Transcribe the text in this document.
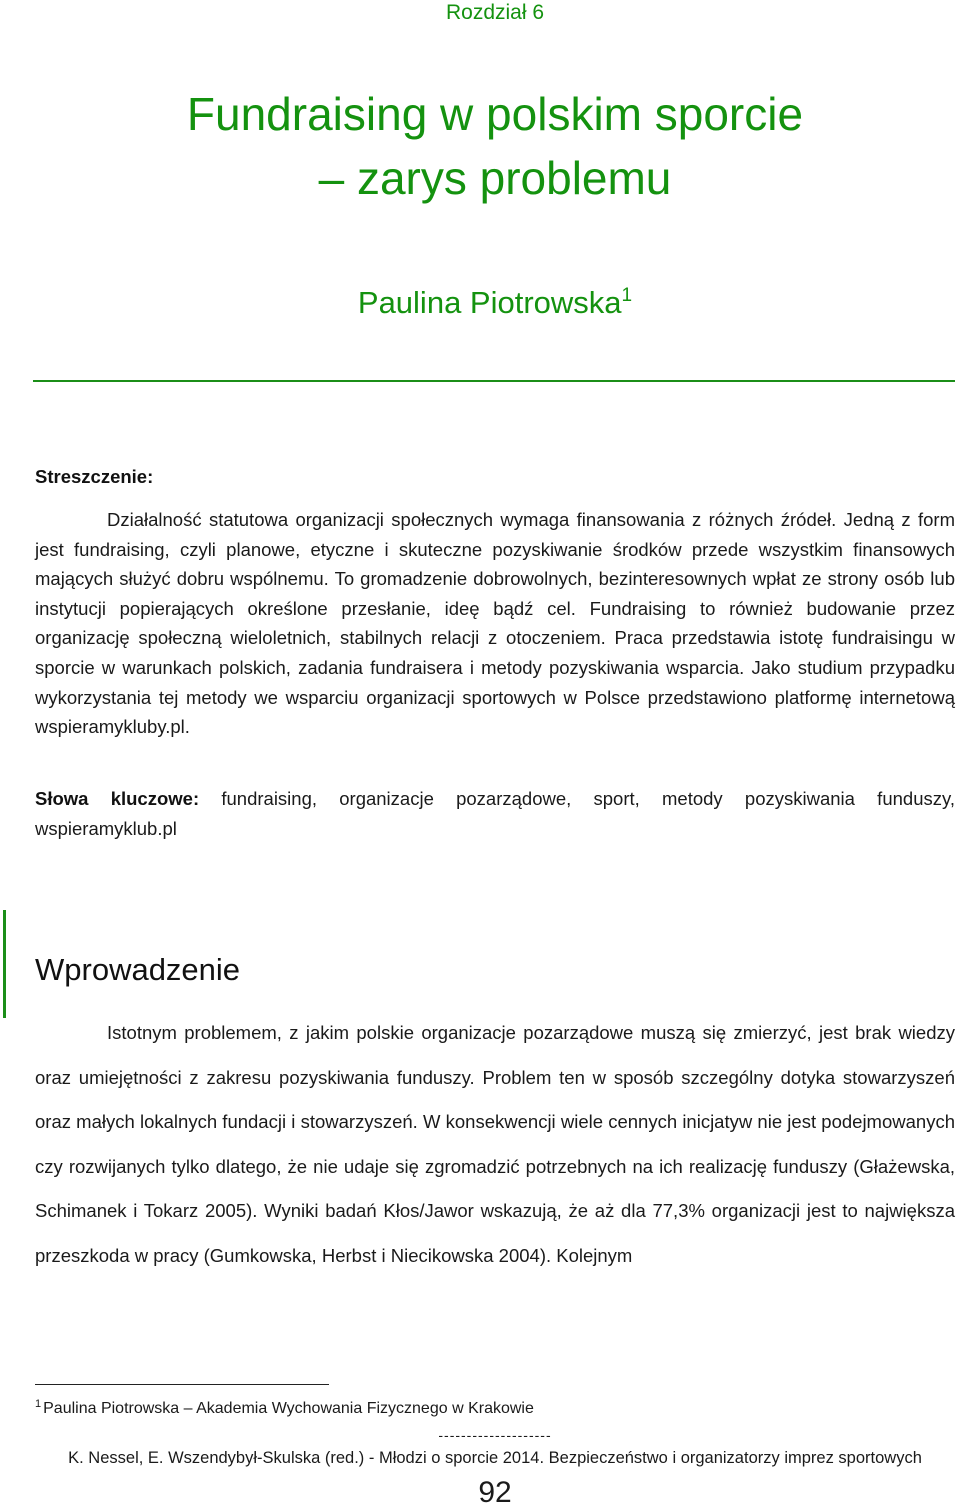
Rozdział 6
Fundraising w polskim sporcie
– zarys problemu
Paulina Piotrowska$^1$
Streszczenie:

Działalność statutowa organizacji społecznych wymaga finansowania z różnych źródeł. Jedną z form jest fundraising, czyli planowe, etyczne i skuteczne pozyskiwanie środków przede wszystkim finansowych mających służyć dobru wspólnemu. To gromadzenie dobrowolnych, bezinteresownych wpłat ze strony osób lub instytucji popierających określone przesłanie, ideę bądź cel. Fundraising to również budowanie przez organizację społeczną wieloletnich, stabilnych relacji z otoczeniem. Praca przedstawia istotę fundraisingu w sporcie w warunkach polskich, zadania fundraisera i metody pozyskiwania wsparcia. Jako studium przypadku wykorzystania tej metody we wsparciu organizacji sportowych w Polsce przedstawiono platformę internetową wspieramykluby.pl.

Słowa kluczowe: fundraising, organizacje pozarządowe, sport, metody pozyskiwania funduszy, wspieramyklub.pl
Wprowadzenie

Istotnym problemem, z jakim polskie organizacje pozarządowe muszą się zmierzyć, jest brak wiedzy oraz umiejętności z zakresu pozyskiwania funduszy. Problem ten w sposób szczególny dotyka stowarzyszeń oraz małych lokalnych fundacji i stowarzyszeń. W konsekwencji wiele cennych inicjatyw nie jest podejmowanych czy rozwijanych tylko dlatego, że nie udaje się zgromadzić potrzebnych na ich realizację funduszy (Głażewska, Schimanek i Tokarz 2005). Wyniki badań Kłos/Jawor wskazują, że aż dla 77,3% organizacji jest to największa przeszkoda w pracy (Gumkowska, Herbst i Niecikowska 2004). Kolejnym

$^1$ Paulina Piotrowska – Akademia Wychowania Fizycznego w Krakowie
--------------------
K. Nessel, E. Wszendybył-Skulska (red.) - Młodzi o sporcie 2014. Bezpieczeństwo i organizatorzy imprez sportowych
92
